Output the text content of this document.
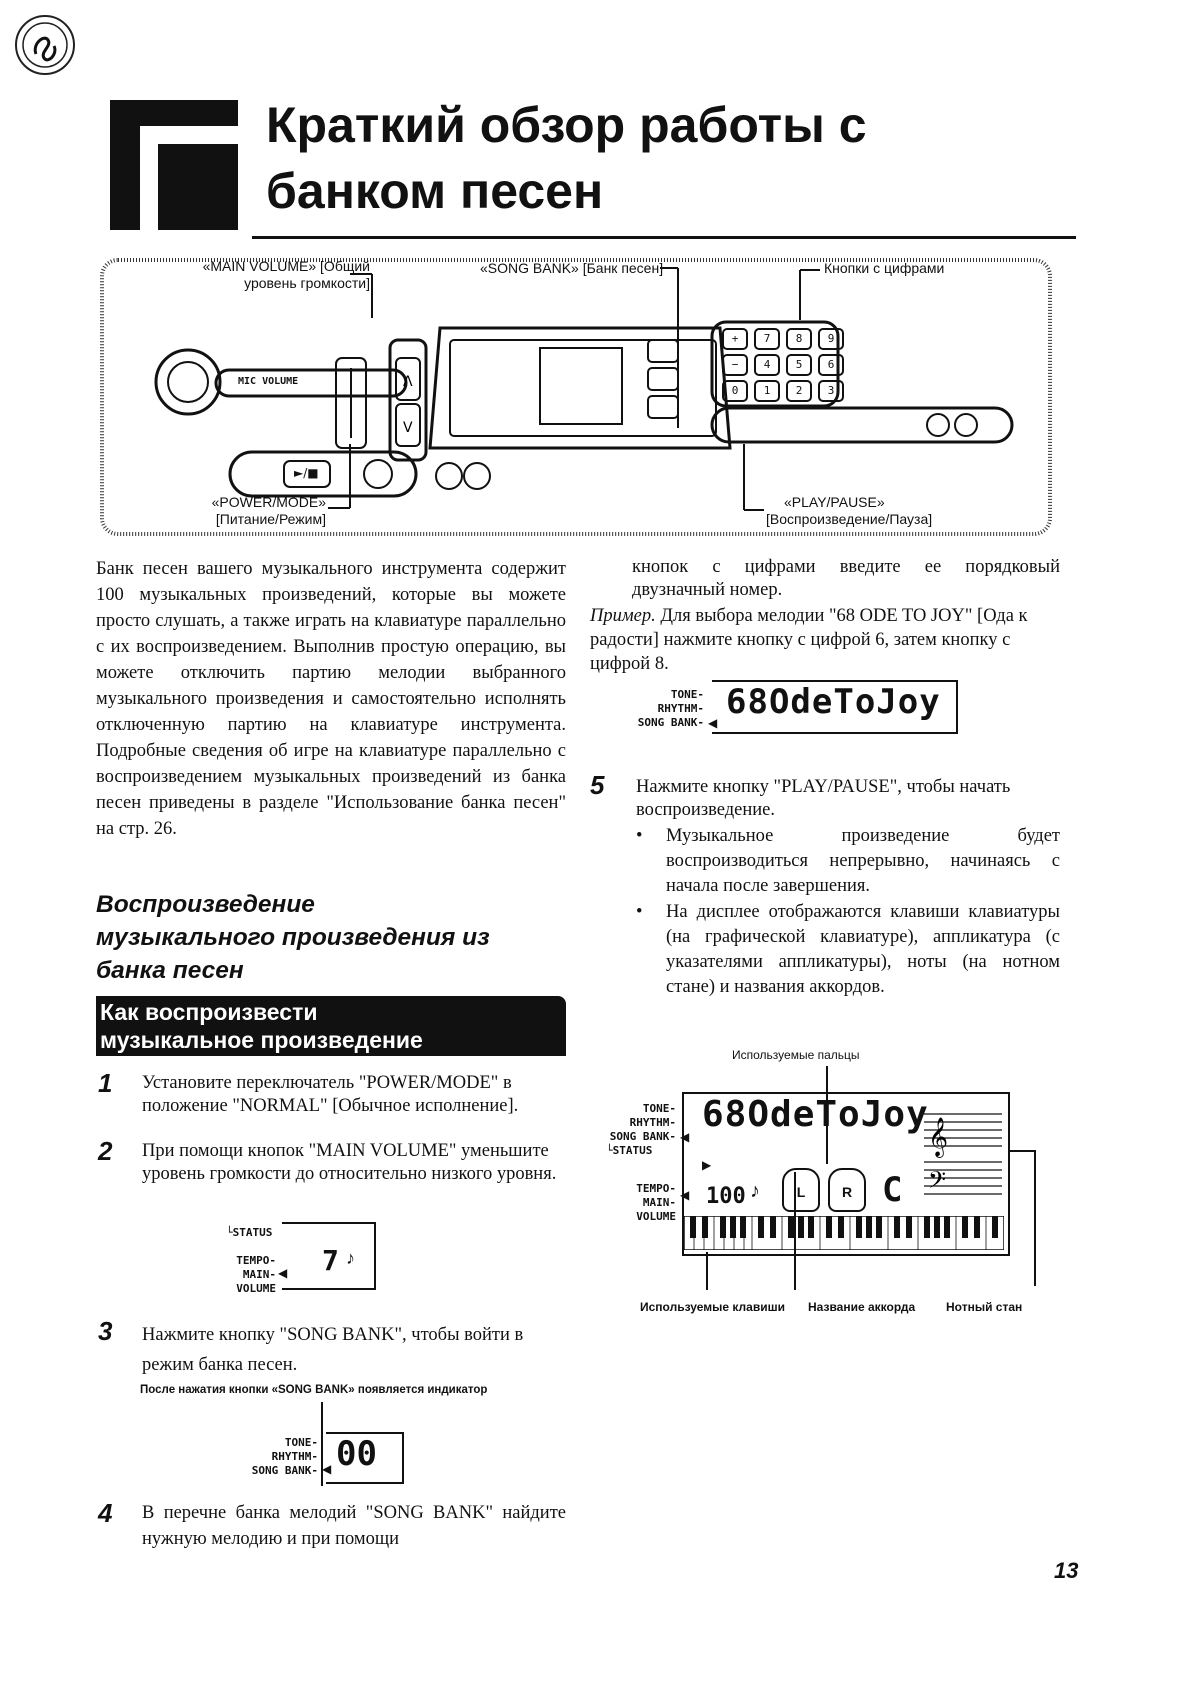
Краткий обзор работы с
банком песен
Λ
V
«MAIN VOLUME» [Общий
уровень громкости]
«SONG BANK» [Банк песен]	Кнопки с цифрами
MIC VOLUME
►/■
+	7	8	9
−	4	5	6
0	1	2	3
«POWER/MODE»
[Питание/Режим]
«PLAY/PAUSE»
[Воспроизведение/Пауза]
Банк песен вашего музыкального инструмента содержит 100 музыкальных произведений, которые вы можете просто слушать, а также играть на клавиатуре параллельно с их воспроизведением. Выполнив простую операцию, вы можете отключить партию мелодии выбранного музыкального произведения и самостоятельно исполнять отключенную партию на клавиатуре инструмента. Подробные сведения об игре на клавиатуре параллельно с воспроизведением музыкальных произведений из банка песен приведены в разделе "Использование банка песен" на стр. 26.
Воспроизведение
музыкального произведения из
банка песен
Как воспроизвести
музыкальное произведение
1 Установите переключатель "POWER/MODE" в положение "NORMAL" [Обычное исполнение].
2 При помощи кнопок "MAIN VOLUME" уменьшите уровень громкости до относительно низкого уровня.
└STATUS
TEMPO-
MAIN-
VOLUME
◀ 7 ♪
3 Нажмите кнопку "SONG BANK", чтобы войти в режим банка песен.
После нажатия кнопки «SONG BANK» появляется индикатор
TONE-
RHYTHM-
SONG BANK- ◀ 00
4 В перечне банка мелодий "SONG BANK" найдите нужную мелодию и при помощи
кнопок с цифрами введите ее порядковый двузначный номер.
Пример. Для выбора мелодии "68 ODE TO JOY" [Ода к радости] нажмите кнопку с цифрой 6, затем кнопку с цифрой 8.
TONE-
RHYTHM-
SONG BANK- ◀
68OdeToJoy
5 Нажмите кнопку "PLAY/PAUSE", чтобы начать воспроизведение.
• Музыкальное произведение будет воспроизводиться непрерывно, начинаясь с начала после завершения.
• На дисплее отображаются клавиши клавиатуры (на графической клавиатуре), аппликатура (с указателями аппликатуры), ноты (на нотном стане) и названия аккордов.
Используемые пальцы
TONE-
RHYTHM-
SONG BANK-
└STATUS
TEMPO-
MAIN-
VOLUME
◀
68OdeToJoy
▶
◀ 100 ♪	L	R C
𝄞
𝄢
Используемые клавиши Название аккорда	Нотный стан
13
